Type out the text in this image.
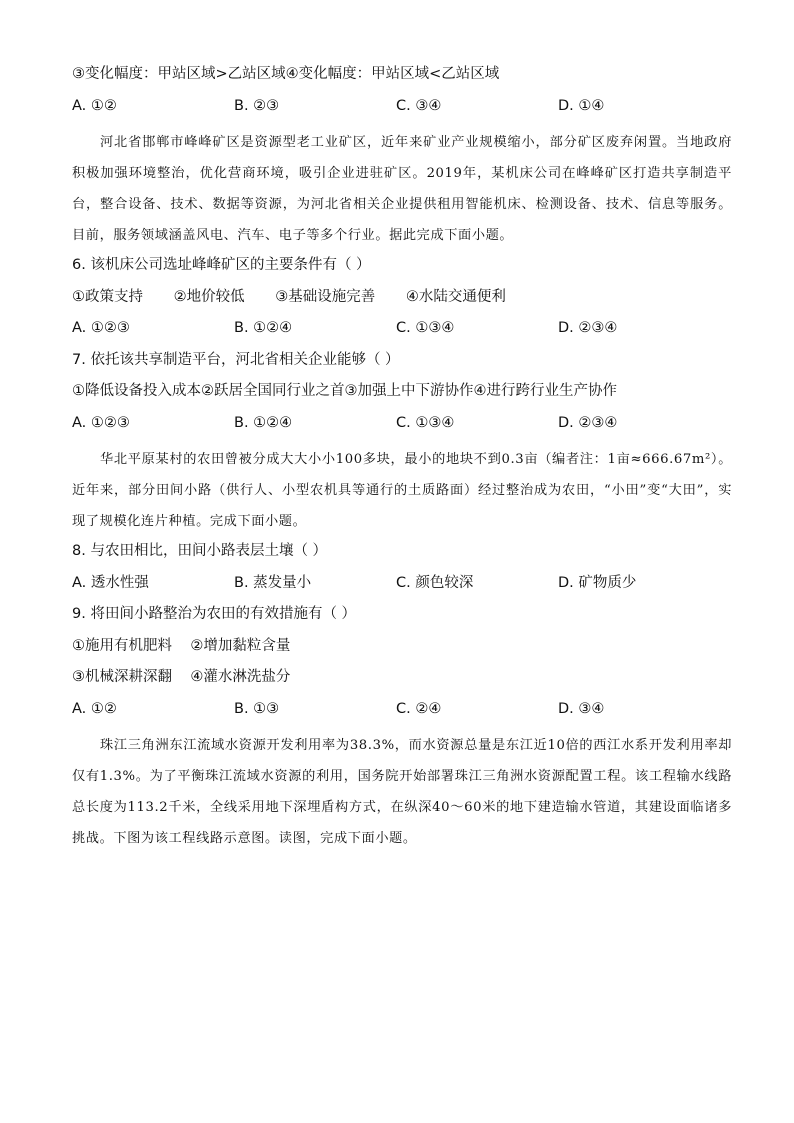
③变化幅度：甲站区域>乙站区域④变化幅度：甲站区域<乙站区域
A. ①②	B. ②③	C. ③④	D. ①④

河北省邯郸市峰峰矿区是资源型老工业矿区，近年来矿业产业规模缩小，部分矿区废弃闲置。当地政府积极加强环境整治，优化营商环境，吸引企业进驻矿区。2019年，某机床公司在峰峰矿区打造共享制造平台，整合设备、技术、数据等资源，为河北省相关企业提供租用智能机床、检测设备、技术、信息等服务。目前，服务领域涵盖风电、汽车、电子等多个行业。据此完成下面小题。

6. 该机床公司选址峰峰矿区的主要条件有（ ）
①政策支持 ②地价较低 ③基础设施完善 ④水陆交通便利
A. ①②③	B. ①②④	C. ①③④	D. ②③④
7. 依托该共享制造平台，河北省相关企业能够（ ）
①降低设备投入成本②跃居全国同行业之首③加强上中下游协作④进行跨行业生产协作
A. ①②③	B. ①②④	C. ①③④	D. ②③④

华北平原某村的农田曾被分成大大小小100多块，最小的地块不到0.3亩（编者注：1亩≈666.67m²）。近年来，部分田间小路（供行人、小型农机具等通行的土质路面）经过整治成为农田，“小田”变“大田”，实现了规模化连片种植。完成下面小题。

8. 与农田相比，田间小路表层土壤（ ）
A. 透水性强	B. 蒸发量小	C. 颜色较深	D. 矿物质少
9. 将田间小路整治为农田的有效措施有（ ）
①施用有机肥料    ②增加黏粒含量
③机械深耕深翻    ④灌水淋洗盐分
A. ①②	B. ①③	C. ②④	D. ③④

珠江三角洲东江流域水资源开发利用率为38.3%，而水资源总量是东江近10倍的西江水系开发利用率却仅有1.3%。为了平衡珠江流域水资源的利用，国务院开始部署珠江三角洲水资源配置工程。该工程输水线路总长度为113.2千米，全线采用地下深埋盾构方式，在纵深40～60米的地下建造输水管道，其建设面临诸多挑战。下图为该工程线路示意图。读图，完成下面小题。
